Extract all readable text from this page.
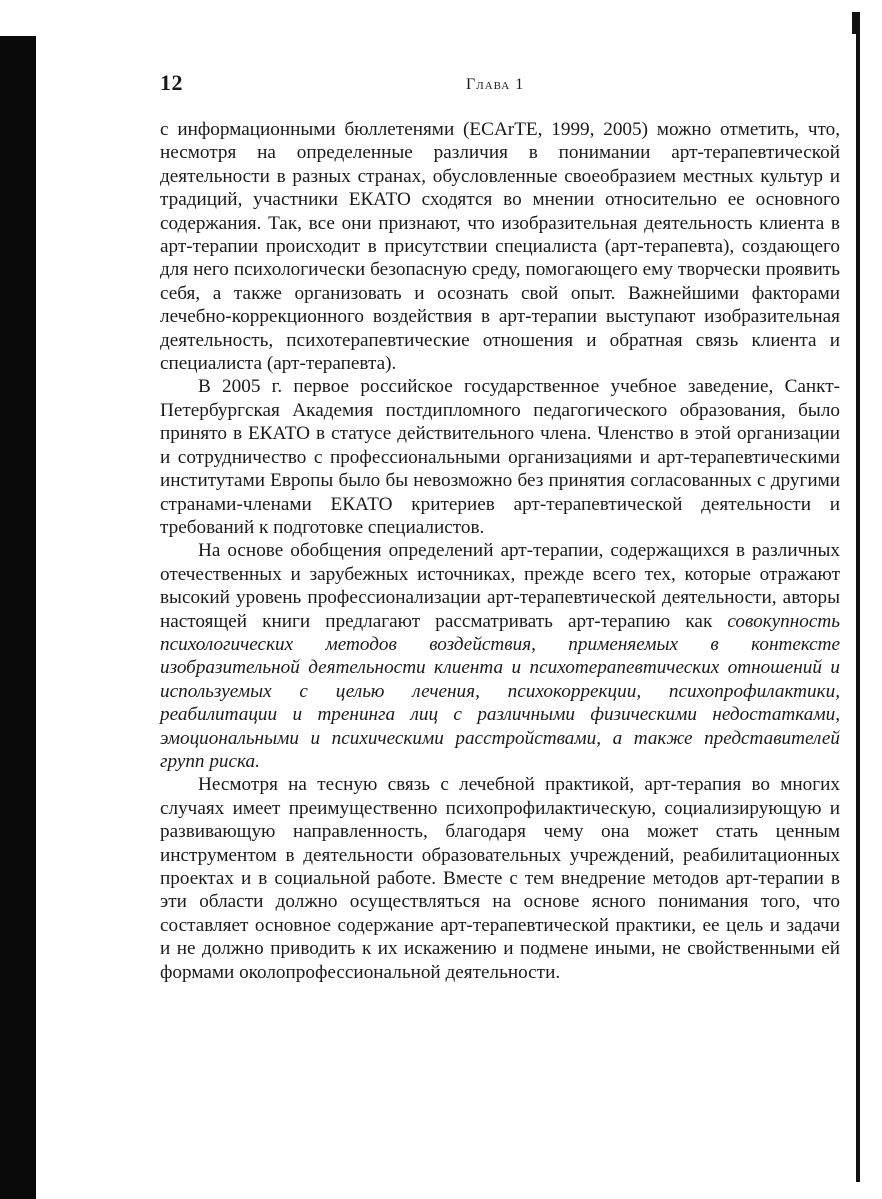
12	Глава 1

с информационными бюллетенями (ECArTE, 1999, 2005) можно отметить, что, несмотря на определенные различия в понимании арт-терапевтической деятельности в разных странах, обусловленные своеобразием местных культур и традиций, участники ЕКАТО сходятся во мнении относительно ее основного содержания. Так, все они признают, что изобразительная деятельность клиента в арт-терапии происходит в присутствии специалиста (арт-терапевта), создающего для него психологически безопасную среду, помогающего ему творчески проявить себя, а также организовать и осознать свой опыт. Важнейшими факторами лечебно-коррекционного воздействия в арт-терапии выступают изобразительная деятельность, психотерапевтические отношения и обратная связь клиента и специалиста (арт-терапевта).

В 2005 г. первое российское государственное учебное заведение, Санкт-Петербургская Академия постдипломного педагогического образования, было принято в ЕКАТО в статусе действительного члена. Членство в этой организации и сотрудничество с профессиональными организациями и арт-терапевтическими институтами Европы было бы невозможно без принятия согласованных с другими странами-членами ЕКАТО критериев арт-терапевтической деятельности и требований к подготовке специалистов.

На основе обобщения определений арт-терапии, содержащихся в различных отечественных и зарубежных источниках, прежде всего тех, которые отражают высокий уровень профессионализации арт-терапевтической деятельности, авторы настоящей книги предлагают рассматривать арт-терапию как совокупность психологических методов воздействия, применяемых в контексте изобразительной деятельности клиента и психотерапевтических отношений и используемых с целью лечения, психокоррекции, психопрофилактики, реабилитации и тренинга лиц с различными физическими недостатками, эмоциональными и психическими расстройствами, а также представителей групп риска.

Несмотря на тесную связь с лечебной практикой, арт-терапия во многих случаях имеет преимущественно психопрофилактическую, социализирующую и развивающую направленность, благодаря чему она может стать ценным инструментом в деятельности образовательных учреждений, реабилитационных проектах и в социальной работе. Вместе с тем внедрение методов арт-терапии в эти области должно осуществляться на основе ясного понимания того, что составляет основное содержание арт-терапевтической практики, ее цель и задачи и не должно приводить к их искажению и подмене иными, не свойственными ей формами околопрофессиональной деятельности.
